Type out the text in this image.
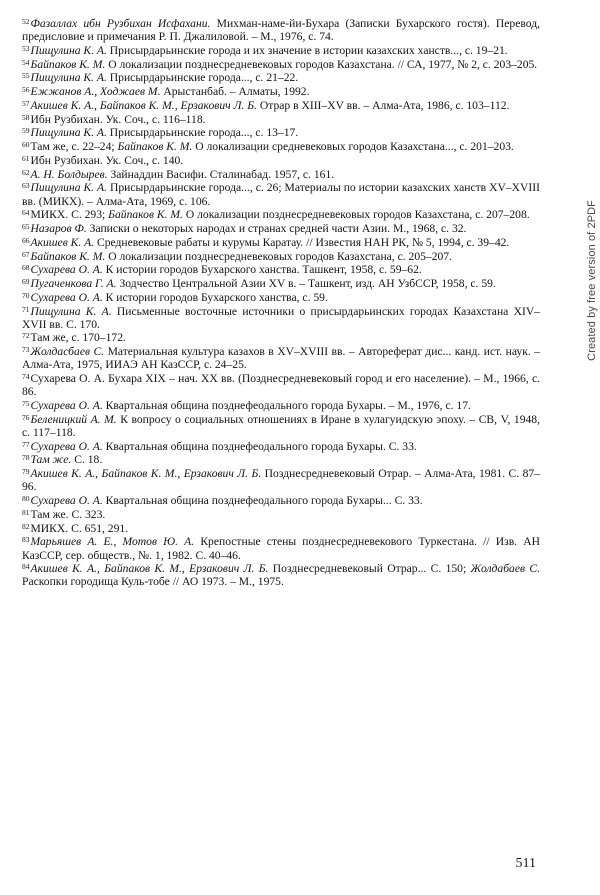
$^{52}$Фазаллах ибн Рузбихан Исфахани. Михман-наме-йи-Бухара (Записки Бухарского гостя). Перевод, предисловие и примечания Р. П. Джалиловой. – М., 1976, с. 74.

$^{53}$Пищулина К. А. Присырдарьинские города и их значение в истории казахских ханств..., с. 19–21.

$^{54}$Байпаков К. М. О локализации позднесредневековых городов Казахстана. // СА, 1977, № 2, с. 203–205.

$^{55}$Пищулина К. А. Присырдарьинские города..., с. 21–22.

$^{56}$Ежжанов А., Ходжаев М. Арыстанбаб. – Алматы, 1992.

$^{57}$Акишев К. А., Байпаков К. М., Ерзакович Л. Б. Отрар в XIII–XV вв. – Алма-Ата, 1986, с. 103–112.

$^{58}$Ибн Рузбихан. Ук. Соч., с. 116–118.

$^{59}$Пищулина К. А. Присырдарьинские города..., с. 13–17.

$^{60}$Там же, с. 22–24; Байпаков К. М. О локализации средневековых городов Казахстана..., с. 201–203.

$^{61}$Ибн Рузбихан. Ук. Соч., с. 140.

$^{62}$А. Н. Болдырев. Зайнаддин Васифи. Сталинабад. 1957, с. 161.

$^{63}$Пищулина К. А. Присырдарьинские города..., с. 26; Материалы по истории казахских ханств XV–XVIII вв. (МИКХ). – Алма-Ата, 1969, с. 106.

$^{64}$МИКХ. С. 293; Байпаков К. М. О локализации позднесредневековых городов Казахстана, с. 207–208.

$^{65}$Назаров Ф. Записки о некоторых народах и странах средней части Азии. М., 1968, с. 32.

$^{66}$Акишев К. А. Средневековые рабаты и курумы Каратау. // Известия НАН РК, № 5, 1994, с. 39–42.

$^{67}$Байпаков К. М. О локализации позднесредневековых городов Казахстана, с. 205–207.

$^{68}$Сухарева О. А. К истории городов Бухарского ханства. Ташкент, 1958, с. 59–62.

$^{69}$Пугаченкова Г. А. Зодчество Центральной Азии XV в. – Ташкент, изд. АН УзбССР, 1958, с. 59.

$^{70}$Сухарева О. А. К истории городов Бухарского ханства, с. 59.

$^{71}$Пищулина К. А. Письменные восточные источники о присырдарьинских городах Казахстана XIV–XVII вв. С. 170.

$^{72}$Там же, с. 170–172.

$^{73}$Жолдасбаев С. Материальная культура казахов в XV–XVIII вв. – Автореферат дис... канд. ист. наук. – Алма-Ата, 1975, ИИАЭ АН КазССР, с. 24–25.

$^{74}$Сухарева О. А. Бухара XIX – нач. XX вв. (Позднесредневековый город и его население). – М., 1966, с. 86.

$^{75}$Сухарева О. А. Квартальная община позднефеодального города Бухары. – М., 1976, с. 17.

$^{76}$Беленицкий А. М. К вопросу о социальных отношениях в Иране в хулагуидскую эпоху. – СВ, V, 1948, с. 117–118.

$^{77}$Сухарева О. А. Квартальная община позднефеодального города Бухары. С. 33.

$^{78}$Там же. С. 18.

$^{79}$Акишев К. А., Байпаков К. М., Ерзакович Л. Б. Позднесредневековый Отрар. – Алма-Ата, 1981. С. 87–96.

$^{80}$Сухарева О. А. Квартальная община позднефеодального города Бухары... С. 33.

$^{81}$Там же. С. 323.

$^{82}$МИКХ. С. 651, 291.

$^{83}$Марьяшев А. Е., Мотов Ю. А. Крепостные стены позднесредневекового Туркестана. // Изв. АН КазССР, сер. обществ., №. 1, 1982. С. 40–46.

$^{84}$Акишев К. А., Байпаков К. М., Ерзакович Л. Б. Позднесредневековый Отрар... С. 150; Жолдабаев С. Раскопки городища Куль-тобе // АО 1973. – М., 1975.

Created by free version of 2PDF
511
